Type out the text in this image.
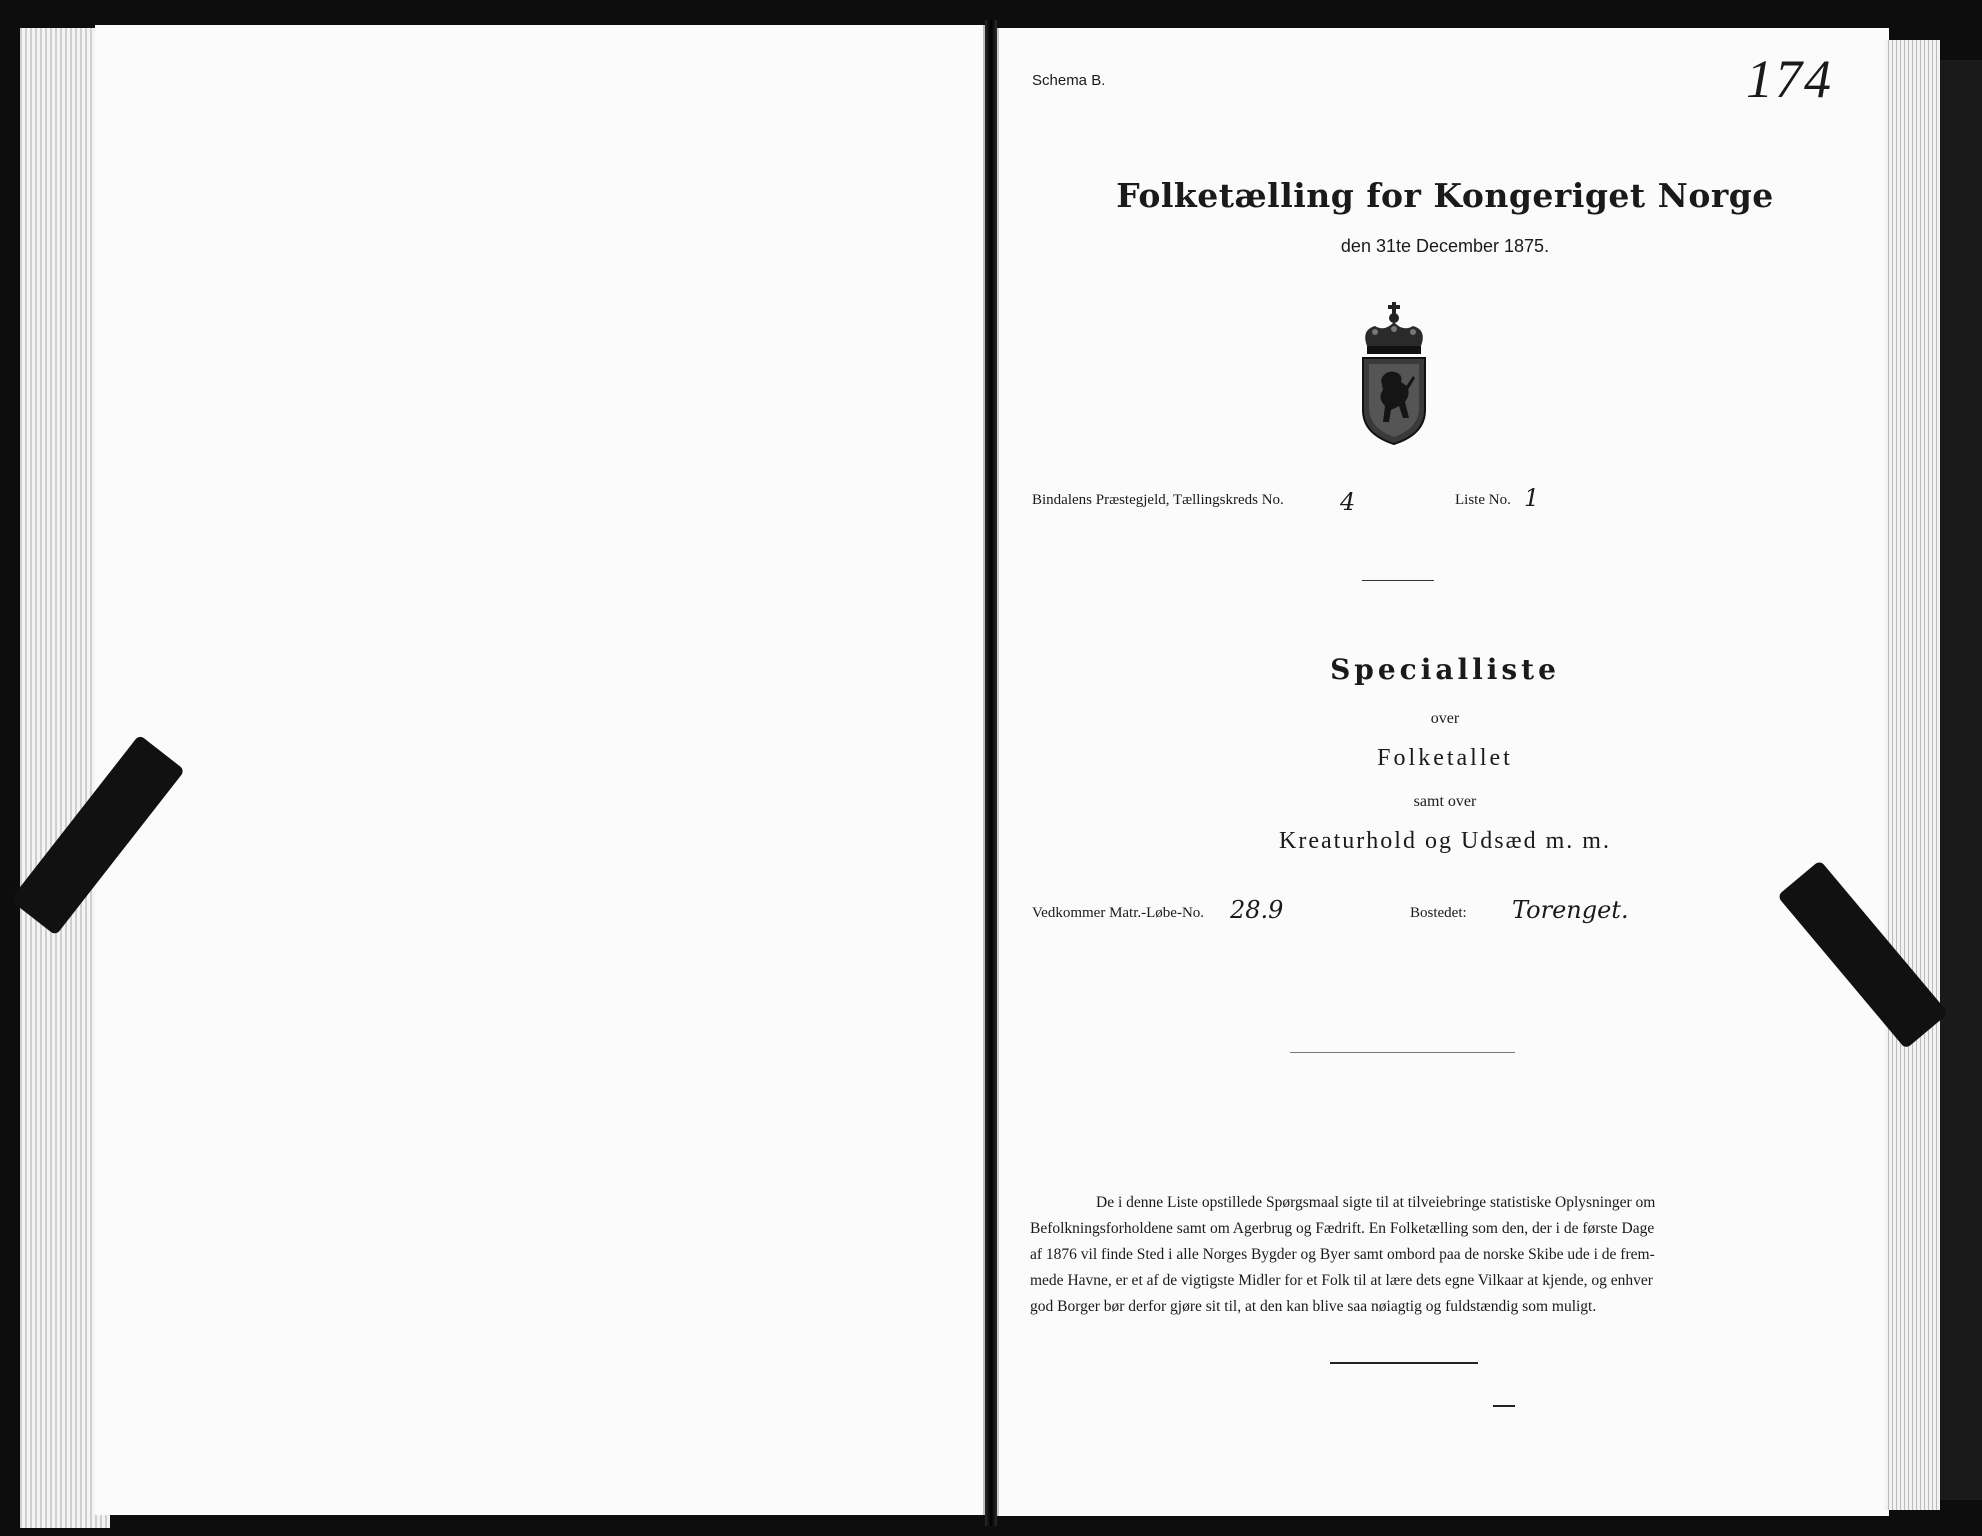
Schema B.	174
Folketælling for Kongeriget Norge
den 31te December 1875.
Bindalens Præstegjeld, Tællingskreds No. 4	Liste No. 1
Specialliste
over
Folketallet
samt over
Kreaturhold og Udsæd m. m.
Vedkommer Matr.-Løbe-No. 28.9	Bostedet: Torenget.
De i denne Liste opstillede Spørgsmaal sigte til at tilveiebringe statistiske Oplysninger om
Befolkningsforholdene samt om Agerbrug og Fædrift. En Folketælling som den, der i de første Dage
af 1876 vil finde Sted i alle Norges Bygder og Byer samt ombord paa de norske Skibe ude i de frem-
mede Havne, er et af de vigtigste Midler for et Folk til at lære dets egne Vilkaar at kjende, og enhver
god Borger bør derfor gjøre sit til, at den kan blive saa nøiagtig og fuldstændig som muligt.
